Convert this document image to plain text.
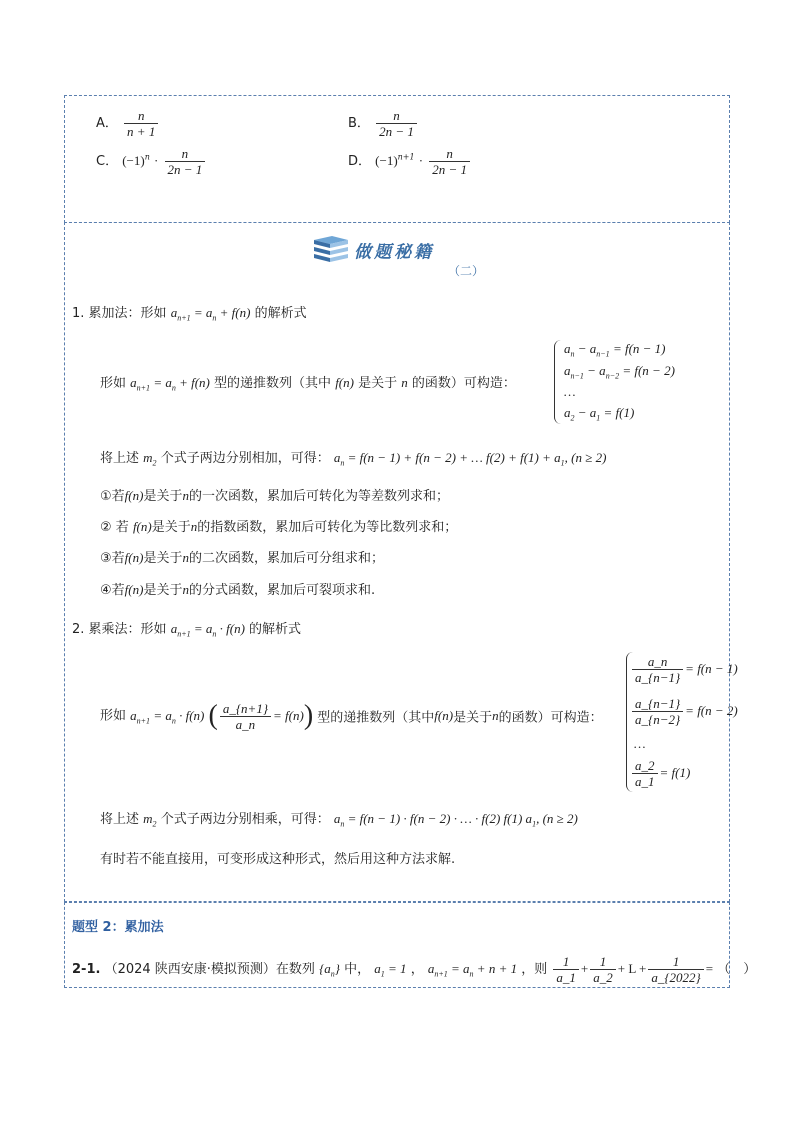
A． $\frac{n}{n + 1}$	B． $\frac{n}{2n - 1}$
C． $(-1)^n \cdot \frac{n}{2n - 1}$	D． $(-1)^{n+1} \cdot \frac{n}{2n - 1}$
做题秘籍
（二）
1. 累加法：形如 $a_{n+1} = a_n + f(n)$ 的解析式
形如 $a_{n+1} = a_n + f(n)$ 型的递推数列（其中 f(n) 是关于 n 的函数）可构造：
$a_n - a_{n-1} = f(n - 1)$
$a_{n-1} - a_{n-2} = f(n - 2)$
…
$a_2 - a_1 = f(1)$
将上述 $m_2$ 个式子两边分别相加，可得： $a_n = f(n - 1) + f(n - 2)$ + … $f(2) + f(1) + a_1$, (n ≥ 2)
①若f(n)是关于n的一次函数，累加后可转化为等差数列求和；
② 若 f(n)是关于n的指数函数，累加后可转化为等比数列求和；
③若f(n)是关于n的二次函数，累加后可分组求和；
④若f(n)是关于n的分式函数，累加后可裂项求和.
2. 累乘法：形如 $a_{n+1} = a_n \cdot f(n)$ 的解析式
形如 $a_{n+1} = a_n \cdot f(n)$ ( $\frac{a\_\{n+1\}}{a\_n} = f(n)$) 型的递推数列（其中f(n)是关于n的函数）可构造：
$\frac{a\_n}{a\_\{n-1\}} = f(n - 1)$
$\frac{a\_\{n-1\}}{a\_\{n-2\}} = f(n - 2)$
…
$\frac{a\_2}{a\_1} = f(1)$
将上述 $m_2$ 个式子两边分别相乘，可得： $a_n = f(n - 1) \cdot f(n - 2)$ · … · f(2) f(1) $a_1$, (n ≥ 2)
有时若不能直接用，可变形成这种形式，然后用这种方法求解.
题型 2：累加法
2-1. （2024 陕西安康·模拟预测）在数列 $\{a_n\}$ 中， $a_1 = 1$ ， $a_{n+1} = a_n + n + 1$ ，则 $\frac{1}{a\_1} + \frac{1}{a\_2} + L + \frac{1}{a\_\{2022\}}$ = （　）
